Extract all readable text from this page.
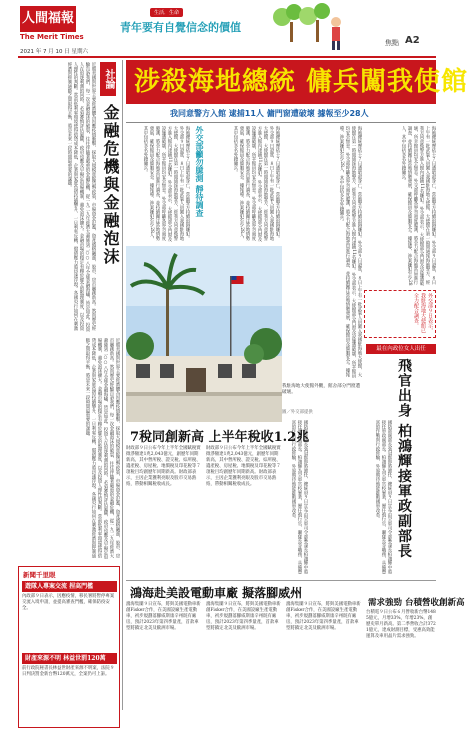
人間福報
The Merit Times
2021 年 7 月 10 日 星期六
生活．生命
青年要有自覺信念的價值
焦點 A2
社論
金融危機與金融泡沫
近期美國與世界主要經濟體為因應疫情衝擊，採取大規模寬鬆貨幣政策，市場資金氾濫，資產價格飆漲，股市、房市屢創新高。然而歷史經驗告訴我們，每一次金融泡沫的破裂，往往伴隨著嚴重的金融危機，從一九二九年經濟大蕭條到二○○八年全球金融海嘯，皆是如此。投資人在追逐利潤的同時，必須審慎評估風險，政府也應及早擬定退場機制，避免泡沫擴大。金融市場的穩定有賴於健全的監理制度，以及投資人理性的判斷。當前低利率環境使得借貸成本降低，企業與家庭負債持續攀升，一旦利率反轉，償債壓力將迅速浮現。各國央行如何在刺激經濟與抑制通膨之間取得平衡，將是未來一段時間最重要的課題。
近期美國與世界主要經濟體為因應疫情衝擊，採取大規模寬鬆貨幣政策，市場資金氾濫，資產價格飆漲，股市、房市屢創新高。然而歷史經驗告訴我們，每一次金融泡沫的破裂，往往伴隨著嚴重的金融危機，從一九二九年經濟大蕭條到二○○八年全球金融海嘯，皆是如此。投資人在追逐利潤的同時，必須審慎評估風險，政府也應及早擬定退場機制，避免泡沫擴大。金融市場的穩定有賴於健全的監理制度，以及投資人理性的判斷。當前低利率環境使得借貸成本降低，企業與家庭負債持續攀升，一旦利率反轉，償債壓力將迅速浮現。各國央行如何在刺激經濟與抑制通膨之間取得平衡，將是未來一段時間最重要的課題。
新聞千里眼
遊隊人專案交流 捏高門檻
內政部９日表示，因應疫情，移民署將暫停專案交流入境申請，並提高審查門檻，確保防疫安全。
財產來源不明 林益世罰120萬
前行政院秘書長林益世財產來源不明案，法院９日判決罰金新台幣120萬元，全案仍可上訴。
涉殺海地總統 傭兵闖我使館
我同意警方入館 逮捕11人 傭門窗遭破壞 據報至少28人
海地總統摩依士７日遭暗殺身亡，當地警方持續追緝嫌犯。外交部９日證實，８日上午有一批武裝人員闖入我國駐海地大使館，大使館在第一時間通報海地警方，經我方同意後警方進入館內逮捕11名嫌犯。外交部表示，大使館部分門窗及設施遭破壞，所幸館員均安全無恙。外交部呼籲各界勿過度臆測，將全力配合海地當局進行調查，並持續關注當地情勢發展，確保館員及僑胞安全。據報導，涉案嫌犯至少28人，其中包括多名外籍傭兵。	外交部籲勿臆測 靜待調查	海地總統摩依士７日遭暗殺身亡，當地警方持續追緝嫌犯。外交部９日證實，８日上午有一批武裝人員闖入我國駐海地大使館，大使館在第一時間通報海地警方，經我方同意後警方進入館內逮捕11名嫌犯。外交部表示，大使館部分門窗及設施遭破壞，所幸館員均安全無恙。外交部呼籲各界勿過度臆測，將全力配合海地當局進行調查，並持續關注當地情勢發展，確保館員及僑胞安全。據報導，涉案嫌犯至少28人，其中包括多名外籍傭兵。	海地總統摩依士７日遭暗殺身亡，當地警方持續追緝嫌犯。外交部９日證實，８日上午有一批武裝人員闖入我國駐海地大使館，大使館在第一時間通報海地警方，經我方同意後警方進入館內逮捕11名嫌犯。外交部表示，大使館部分門窗及設施遭破壞，所幸館員均安全無恙。外交部呼籲各界勿過度臆測，將全力配合海地當局進行調查，並持續關注當地情勢發展，確保館員及僑胞安全。據報導，涉案嫌犯至少28人，其中包括多名外籍傭兵。	海地總統摩依士７日遭暗殺身亡，當地警方持續追緝嫌犯。外交部９日證實，８日上午有一批武裝人員闖入我國駐海地大使館，大使館在第一時間通報海地警方，經我方同意後警方進入館內逮捕11名嫌犯。外交部表示，大使館部分門窗及設施遭破壞，所幸館員均安全無恙。外交部呼籲各界勿過度臆測，將全力配合海地當局進行調查，並持續關注當地情勢發展，確保館員及僑胞安全。據報導，涉案嫌犯至少28人，其中包括多名外籍傭兵。
外交部９日表示，我駐海地大使館已全力配合調查。
我駐海地大使館外觀，館舍部分門窗遭破壞。
圖／外交部提供
最在內政位女人出任
飛官出身 柏鴻輝接軍政副部長
國防部副部長張冠群即將卸任，總統府９日宣布由空軍司令部參謀長柏鴻輝中將接任軍政副部長。柏鴻輝為空軍官校畢業，歷任飛行官、聯隊長等職務，具備豐富的作戰與行政經驗，外界期待他能推動國軍改革。
國防部副部長張冠群即將卸任，總統府９日宣布由空軍司令部參謀長柏鴻輝中將接任軍政副部長。柏鴻輝為空軍官校畢業，歷任飛行官、聯隊長等職務，具備豐富的作戰與行政經驗，外界期待他能推動國軍改革。
7稅同創新高 上半年稅收1.2兆
財政部９日公布今年上半年全國賦稅實徵淨額達1兆2,043億元，創歷年同期新高，其中營所稅、證交稅、綜所稅、遺產稅、房屋稅、地價稅及印花稅等７項稅目均創歷年同期新高。財政部表示，主因企業獲利亮眼及股市交易熱絡，帶動相關稅收成長。
財政部９日公布今年上半年全國賦稅實徵淨額達1兆2,043億元，創歷年同期新高，其中營所稅、證交稅、綜所稅、遺產稅、房屋稅、地價稅及印花稅等７項稅目均創歷年同期新高。財政部表示，主因企業獲利亮眼及股市交易熱絡，帶動相關稅收成長。
鴻海赴美設電動車廠 擬落腳威州
鴻海集團９日宣布，將與美國電動車新創Fisker合作，在美國設廠生產電動車，初步規劃落腳威斯康辛州既有廠房，預計2023年第四季量產，首款車型將鎖定北美及歐洲市場。
鴻海集團９日宣布，將與美國電動車新創Fisker合作，在美國設廠生產電動車，初步規劃落腳威斯康辛州既有廠房，預計2023年第四季量產，首款車型將鎖定北美及歐洲市場。
鴻海集團９日宣布，將與美國電動車新創Fisker合作，在美國設廠生產電動車，初步規劃落腳威斯康辛州既有廠房，預計2023年第四季量產，首款車型將鎖定北美及歐洲市場。
需求強勁 台積營收創新高
台積電９日公布６月營收新台幣1485億元，月增33%，年增23%，創歷史單月新高。第二季營收合計3721億元，達成財測目標，受惠高效能運算及車用晶片需求強勁。
